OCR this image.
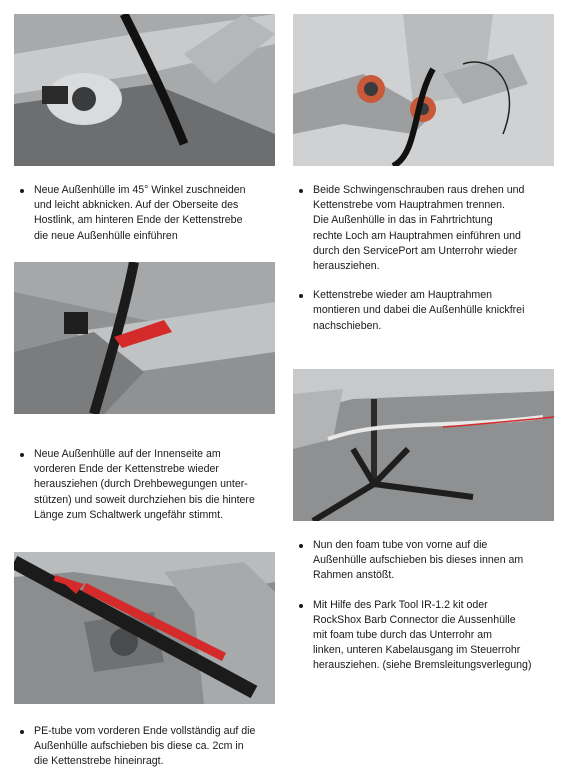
Neue Außenhülle im 45° Winkel zuschneiden
und leicht abknicken. Auf der Oberseite des
Hostlink, am hinteren Ende der Kettenstrebe
die neue Außenhülle einführen
Neue Außenhülle auf der Innenseite am
vorderen Ende der Kettenstrebe wieder
herausziehen (durch Drehbewegungen unter-
stützen) und soweit durchziehen bis die hintere
Länge zum Schaltwerk ungefähr stimmt.
PE-tube vom vorderen Ende vollständig auf die
Außenhülle aufschieben bis diese ca. 2cm in
die Kettenstrebe hineinragt.
Beide Schwingenschrauben raus drehen und
Kettenstrebe vom Hauptrahmen trennen.
Die Außenhülle in das in Fahrtrichtung
rechte Loch am Hauptrahmen einführen und
durch den ServicePort am Unterrohr wieder
herausziehen.
Kettenstrebe wieder am Hauptrahmen
montieren und dabei die Außenhülle knickfrei
nachschieben.
Nun den foam tube von vorne auf die
Außenhülle aufschieben bis dieses innen am
Rahmen anstößt.
Mit Hilfe des Park Tool IR-1.2 kit oder
RockShox Barb Connector die Aussenhülle
mit foam tube durch das Unterrohr am
linken, unteren Kabelausgang im Steuerrohr
herausziehen. (siehe Bremsleitungsverlegung)
